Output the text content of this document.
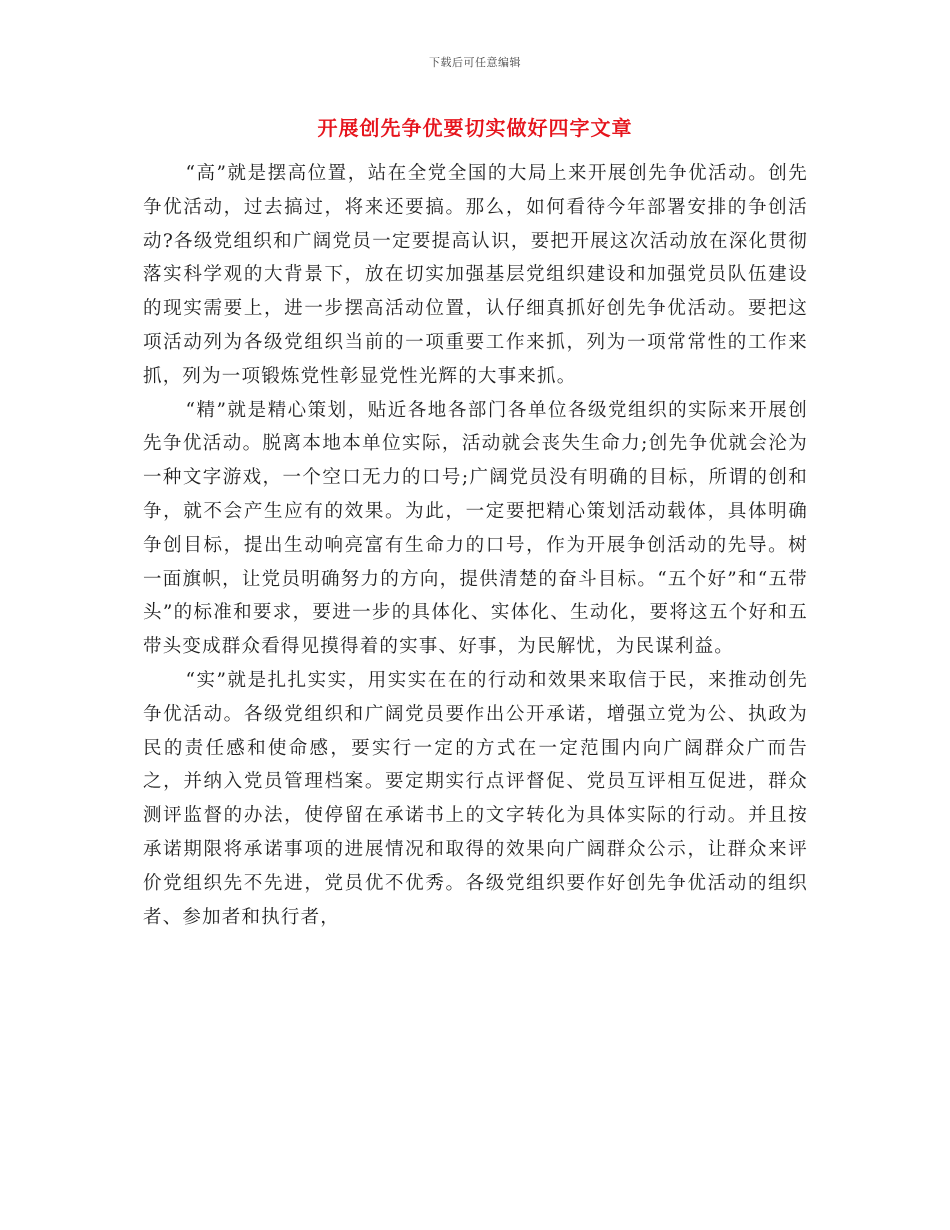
下载后可任意编辑
开展创先争优要切实做好四字文章

“高”就是摆高位置，站在全党全国的大局上来开展创先争优活动。创先争优活动，过去搞过，将来还要搞。那么，如何看待今年部署安排的争创活动?各级党组织和广阔党员一定要提高认识，要把开展这次活动放在深化贯彻落实科学观的大背景下，放在切实加强基层党组织建设和加强党员队伍建设的现实需要上，进一步摆高活动位置，认仔细真抓好创先争优活动。要把这项活动列为各级党组织当前的一项重要工作来抓，列为一项常常性的工作来抓，列为一项锻炼党性彰显党性光辉的大事来抓。

“精”就是精心策划，贴近各地各部门各单位各级党组织的实际来开展创先争优活动。脱离本地本单位实际，活动就会丧失生命力;创先争优就会沦为一种文字游戏，一个空口无力的口号;广阔党员没有明确的目标，所谓的创和争，就不会产生应有的效果。为此，一定要把精心策划活动载体，具体明确争创目标，提出生动响亮富有生命力的口号，作为开展争创活动的先导。树一面旗帜，让党员明确努力的方向，提供清楚的奋斗目标。“五个好”和“五带头”的标准和要求，要进一步的具体化、实体化、生动化，要将这五个好和五带头变成群众看得见摸得着的实事、好事，为民解忧，为民谋利益。

“实”就是扎扎实实，用实实在在的行动和效果来取信于民，来推动创先争优活动。各级党组织和广阔党员要作出公开承诺，增强立党为公、执政为民的责任感和使命感，要实行一定的方式在一定范围内向广阔群众广而告之，并纳入党员管理档案。要定期实行点评督促、党员互评相互促进，群众测评监督的办法，使停留在承诺书上的文字转化为具体实际的行动。并且按承诺期限将承诺事项的进展情况和取得的效果向广阔群众公示，让群众来评价党组织先不先进，党员优不优秀。各级党组织要作好创先争优活动的组织者、参加者和执行者，
